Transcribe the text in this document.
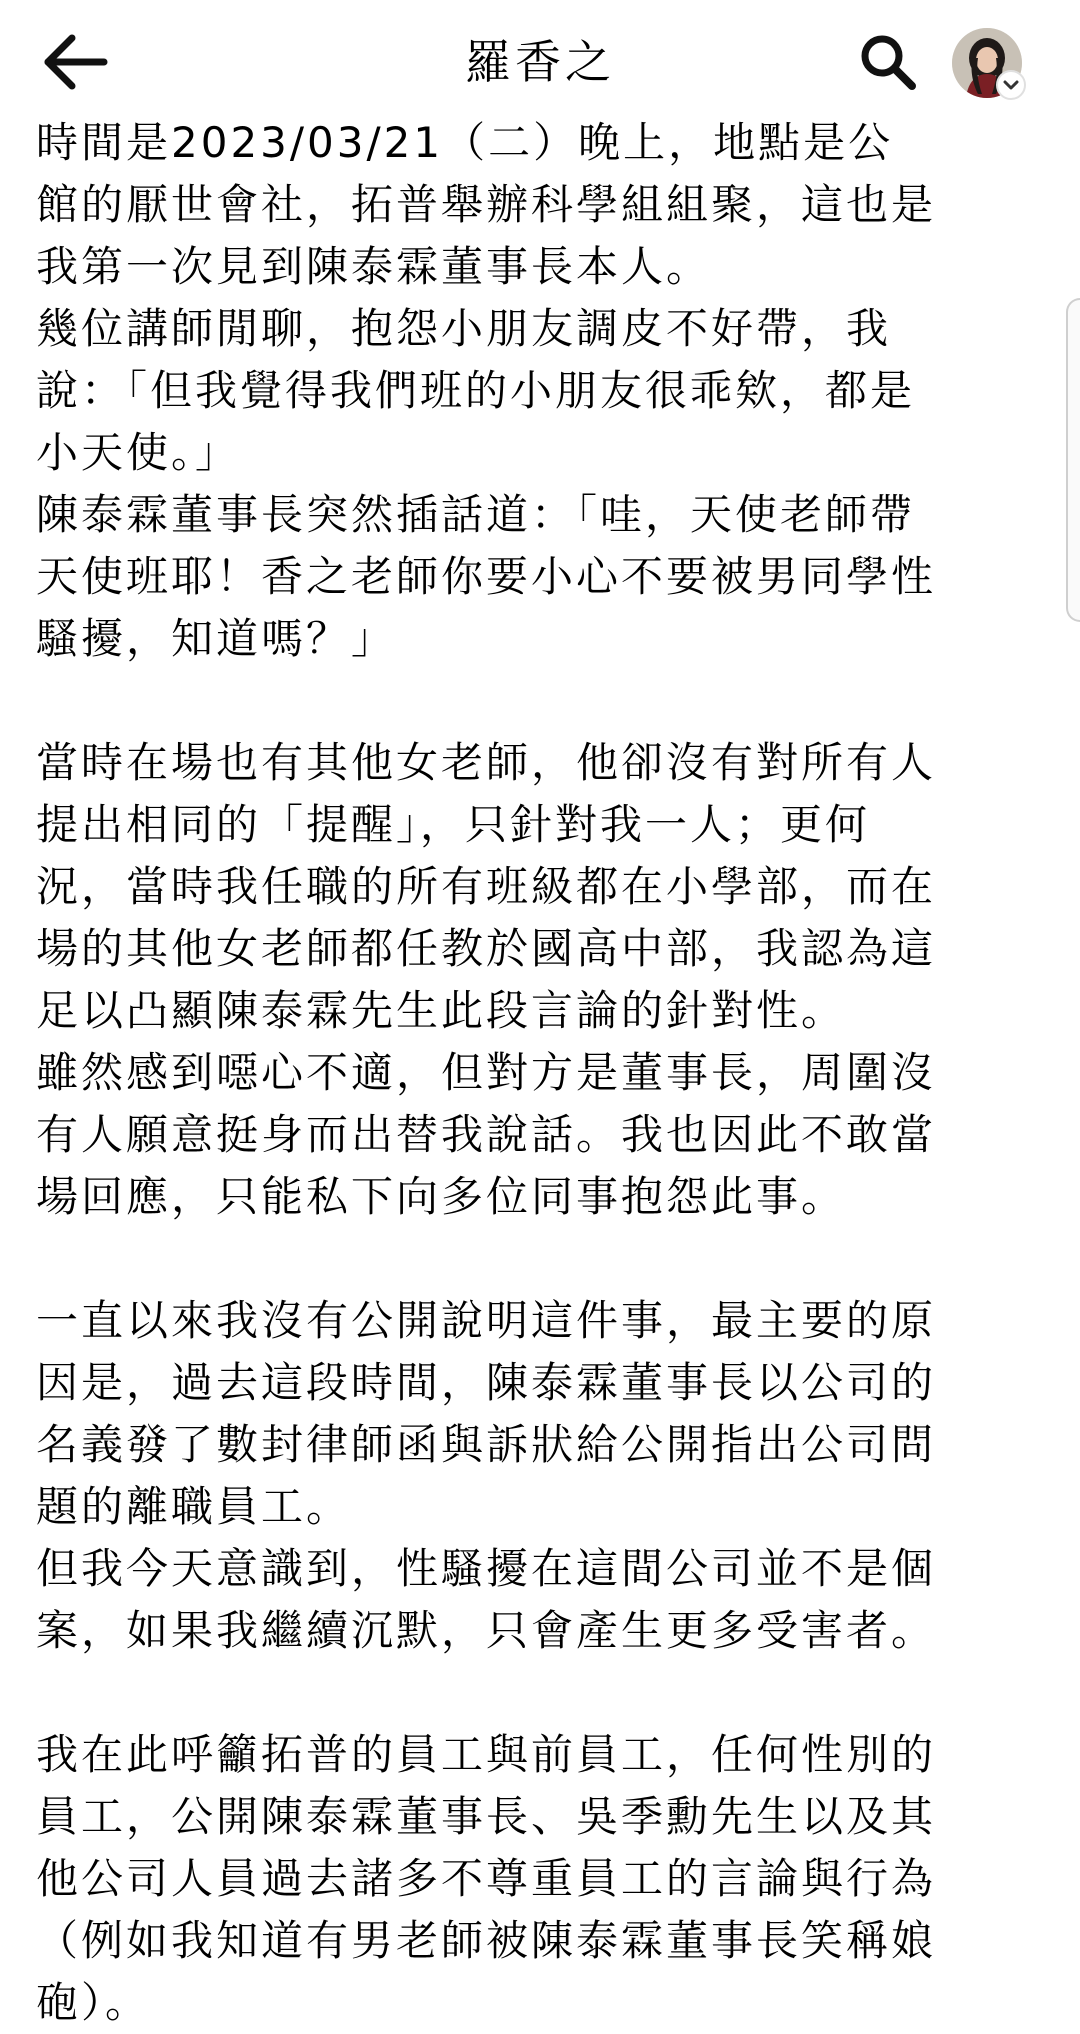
羅香之
時間是2023/03/21（二）晚上，地點是公
館的厭世會社，拓普舉辦科學組組聚，這也是
我第一次見到陳泰霖董事長本人。
幾位講師閒聊，抱怨小朋友調皮不好帶，我
說：「但我覺得我們班的小朋友很乖欸，都是
小天使。」
陳泰霖董事長突然插話道：「哇，天使老師帶
天使班耶！香之老師你要小心不要被男同學性
騷擾，知道嗎？」
當時在場也有其他女老師，他卻沒有對所有人
提出相同的「提醒」，只針對我一人；更何
況，當時我任職的所有班級都在小學部，而在
場的其他女老師都任教於國高中部，我認為這
足以凸顯陳泰霖先生此段言論的針對性。
雖然感到噁心不適，但對方是董事長，周圍沒
有人願意挺身而出替我說話。我也因此不敢當
場回應，只能私下向多位同事抱怨此事。
一直以來我沒有公開說明這件事，最主要的原
因是，過去這段時間，陳泰霖董事長以公司的
名義發了數封律師函與訴狀給公開指出公司問
題的離職員工。
但我今天意識到，性騷擾在這間公司並不是個
案，如果我繼續沉默，只會產生更多受害者。
我在此呼籲拓普的員工與前員工，任何性別的
員工，公開陳泰霖董事長、吳季勳先生以及其
他公司人員過去諸多不尊重員工的言論與行為
（例如我知道有男老師被陳泰霖董事長笑稱娘
砲）。
